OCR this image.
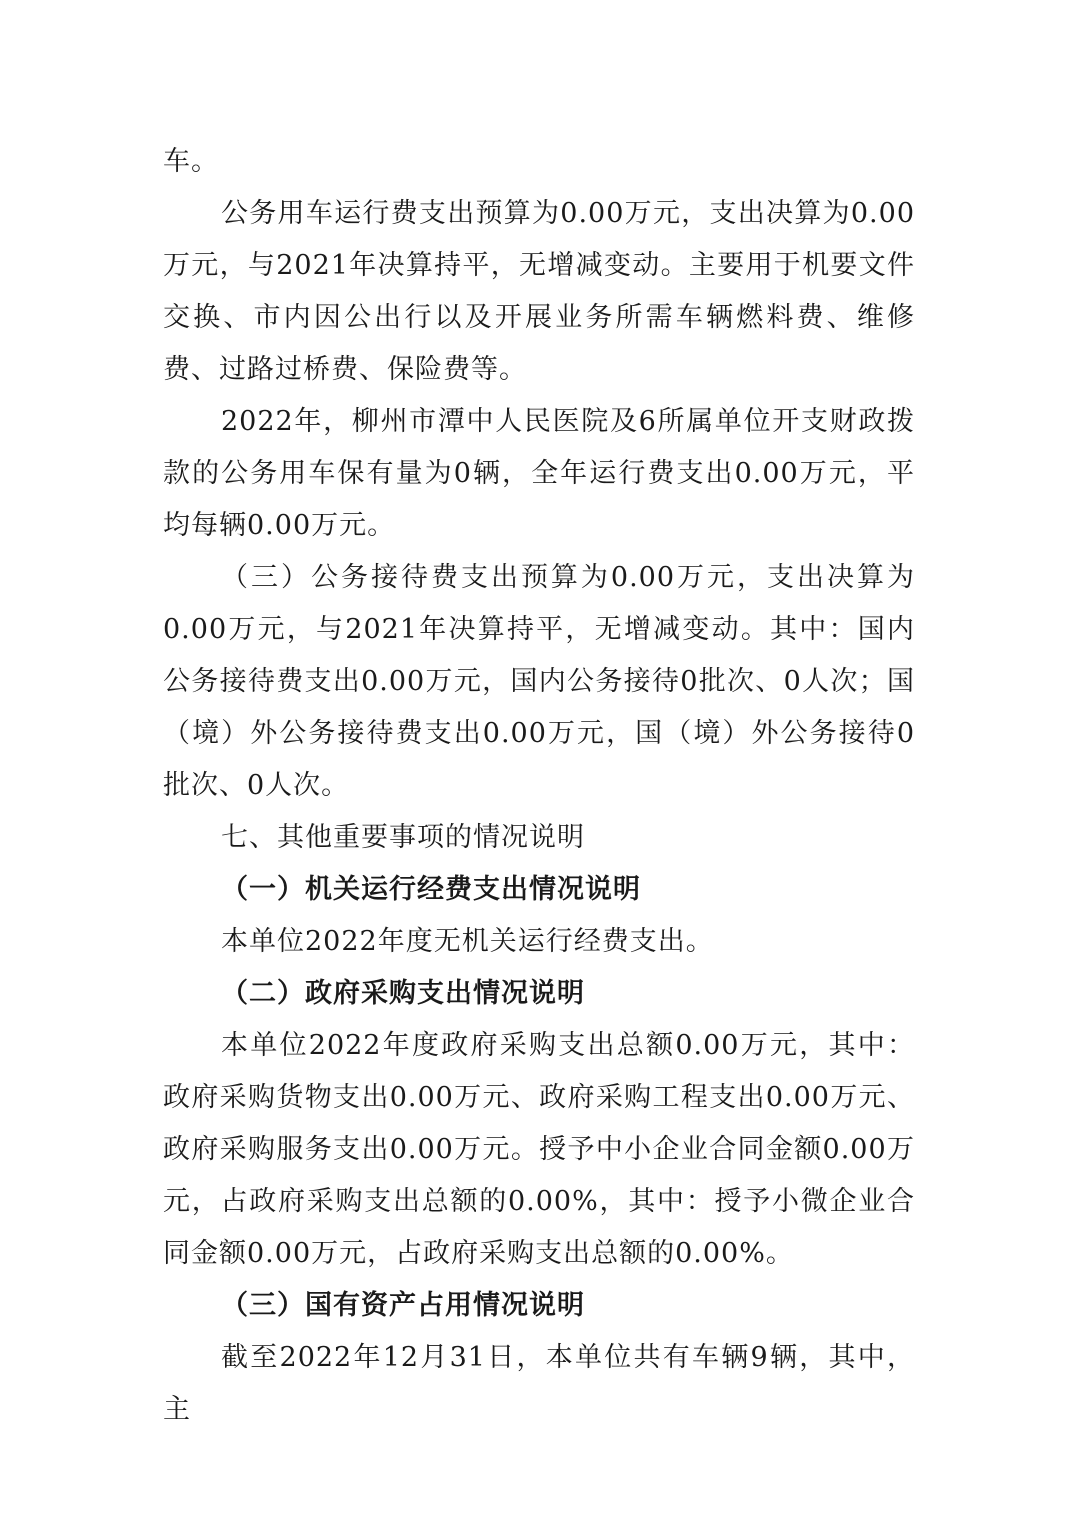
车。

公务用车运行费支出预算为0.00万元，支出决算为0.00万元，与2021年决算持平，无增减变动。主要用于机要文件交换、市内因公出行以及开展业务所需车辆燃料费、维修费、过路过桥费、保险费等。

2022年，柳州市潭中人民医院及6所属单位开支财政拨款的公务用车保有量为0辆，全年运行费支出0.00万元，平均每辆0.00万元。

（三）公务接待费支出预算为0.00万元，支出决算为0.00万元，与2021年决算持平，无增减变动。其中：国内公务接待费支出0.00万元，国内公务接待0批次、0人次；国（境）外公务接待费支出0.00万元，国（境）外公务接待0批次、0人次。

七、其他重要事项的情况说明

（一）机关运行经费支出情况说明

本单位2022年度无机关运行经费支出。

（二）政府采购支出情况说明

本单位2022年度政府采购支出总额0.00万元，其中：政府采购货物支出0.00万元、政府采购工程支出0.00万元、政府采购服务支出0.00万元。授予中小企业合同金额0.00万元，占政府采购支出总额的0.00%，其中：授予小微企业合同金额0.00万元，占政府采购支出总额的0.00%。

（三）国有资产占用情况说明

截至2022年12月31日，本单位共有车辆9辆，其中，主
